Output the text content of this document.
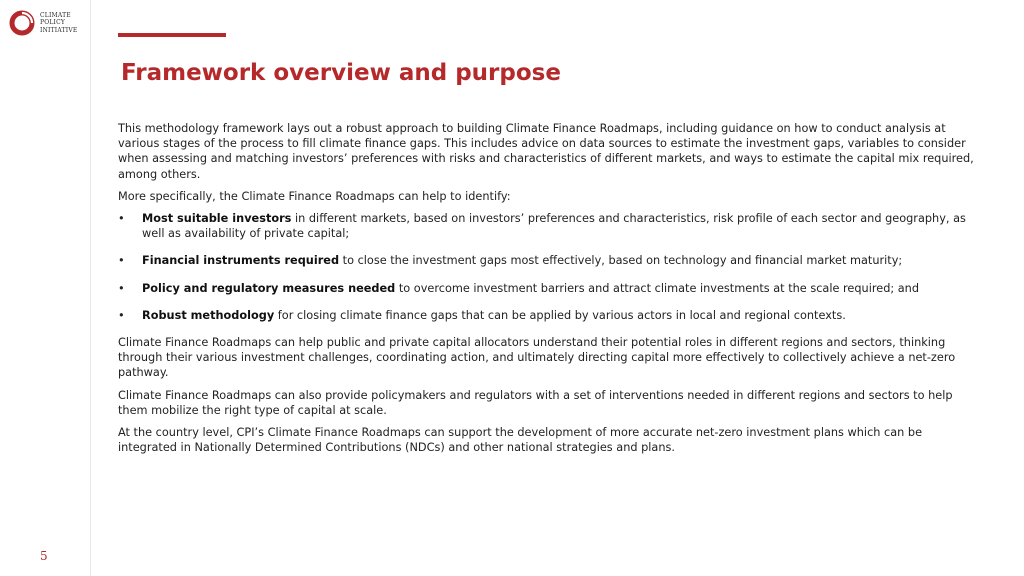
CLIMATE
POLICY
INITIATIVE
Framework overview and purpose

This methodology framework lays out a robust approach to building Climate Finance Roadmaps, including guidance on how to conduct analysis at various stages of the process to fill climate finance gaps. This includes advice on data sources to estimate the investment gaps, variables to consider when assessing and matching investors’ preferences with risks and characteristics of different markets, and ways to estimate the capital mix required, among others.

More specifically, the Climate Finance Roadmaps can help to identify:

• Most suitable investors in different markets, based on investors’ preferences and characteristics, risk profile of each sector and geography, as well as availability of private capital;
• Financial instruments required to close the investment gaps most effectively, based on technology and financial market maturity;
• Policy and regulatory measures needed to overcome investment barriers and attract climate investments at the scale required; and
• Robust methodology for closing climate finance gaps that can be applied by various actors in local and regional contexts.

Climate Finance Roadmaps can help public and private capital allocators understand their potential roles in different regions and sectors, thinking through their various investment challenges, coordinating action, and ultimately directing capital more effectively to collectively achieve a net-zero pathway.

Climate Finance Roadmaps can also provide policymakers and regulators with a set of interventions needed in different regions and sectors to help them mobilize the right type of capital at scale.

At the country level, CPI’s Climate Finance Roadmaps can support the development of more accurate net-zero investment plans which can be integrated in Nationally Determined Contributions (NDCs) and other national strategies and plans.

5
